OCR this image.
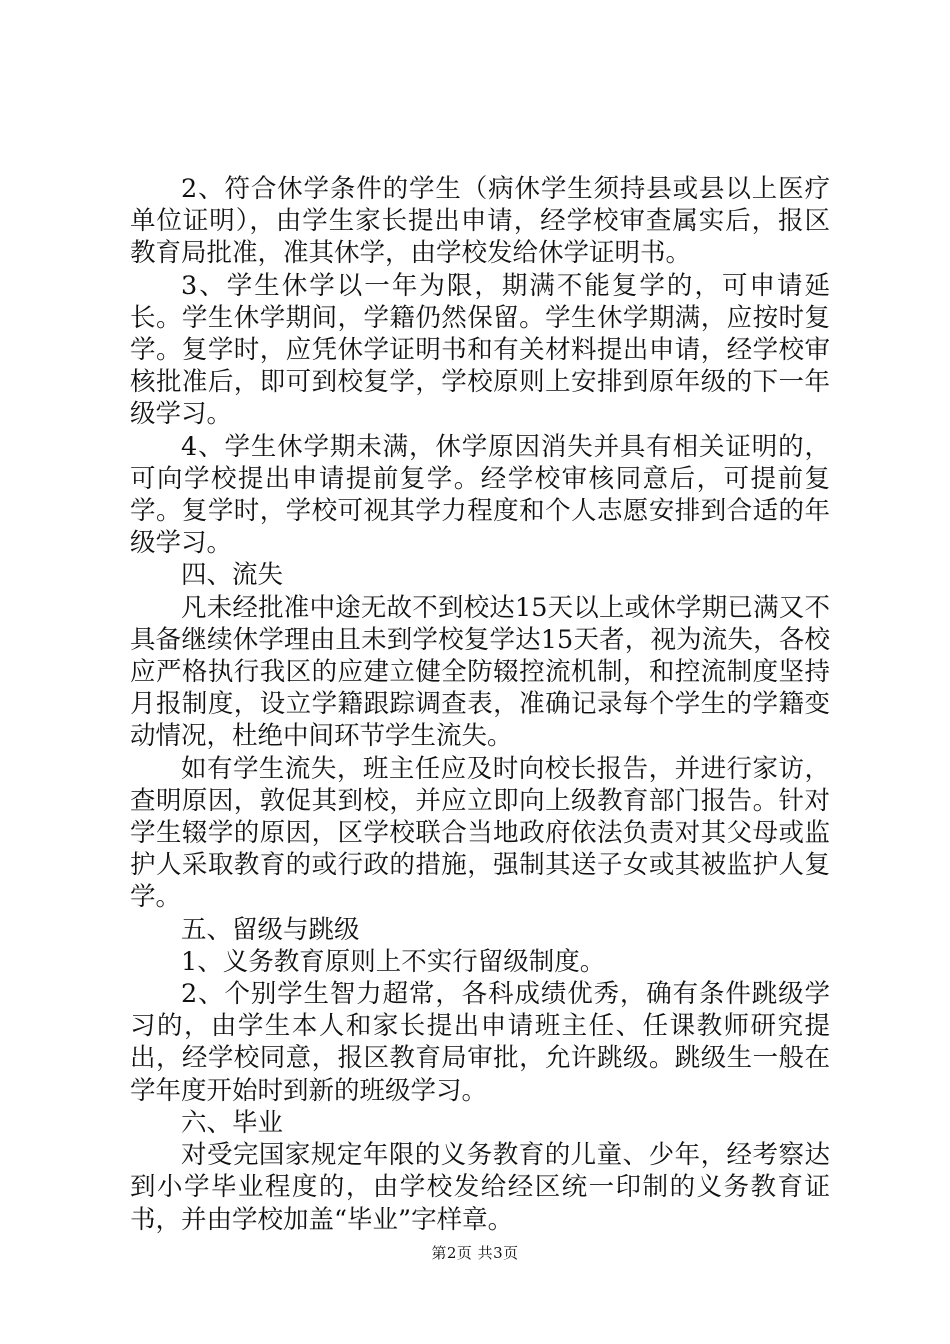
2、符合休学条件的学生（病休学生须持县或县以上医疗单位证明），由学生家长提出申请，经学校审查属实后，报区教育局批准，准其休学，由学校发给休学证明书。

3、学生休学以一年为限，期满不能复学的，可申请延长。学生休学期间，学籍仍然保留。学生休学期满，应按时复学。复学时，应凭休学证明书和有关材料提出申请，经学校审核批准后，即可到校复学，学校原则上安排到原年级的下一年级学习。

4、学生休学期未满，休学原因消失并具有相关证明的，可向学校提出申请提前复学。经学校审核同意后，可提前复学。复学时，学校可视其学力程度和个人志愿安排到合适的年级学习。

四、流失

凡未经批准中途无故不到校达15天以上或休学期已满又不具备继续休学理由且未到学校复学达15天者，视为流失，各校应严格执行我区的应建立健全防辍控流机制，和控流制度坚持月报制度，设立学籍跟踪调查表，准确记录每个学生的学籍变动情况，杜绝中间环节学生流失。

如有学生流失，班主任应及时向校长报告，并进行家访，查明原因，敦促其到校，并应立即向上级教育部门报告。针对学生辍学的原因，区学校联合当地政府依法负责对其父母或监护人采取教育的或行政的措施，强制其送子女或其被监护人复学。

五、留级与跳级

1、义务教育原则上不实行留级制度。

2、个别学生智力超常，各科成绩优秀，确有条件跳级学习的，由学生本人和家长提出申请班主任、任课教师研究提出，经学校同意，报区教育局审批，允许跳级。跳级生一般在学年度开始时到新的班级学习。

六、毕业

对受完国家规定年限的义务教育的儿童、少年，经考察达到小学毕业程度的，由学校发给经区统一印制的义务教育证书，并由学校加盖“毕业”字样章。

第2页 共3页
